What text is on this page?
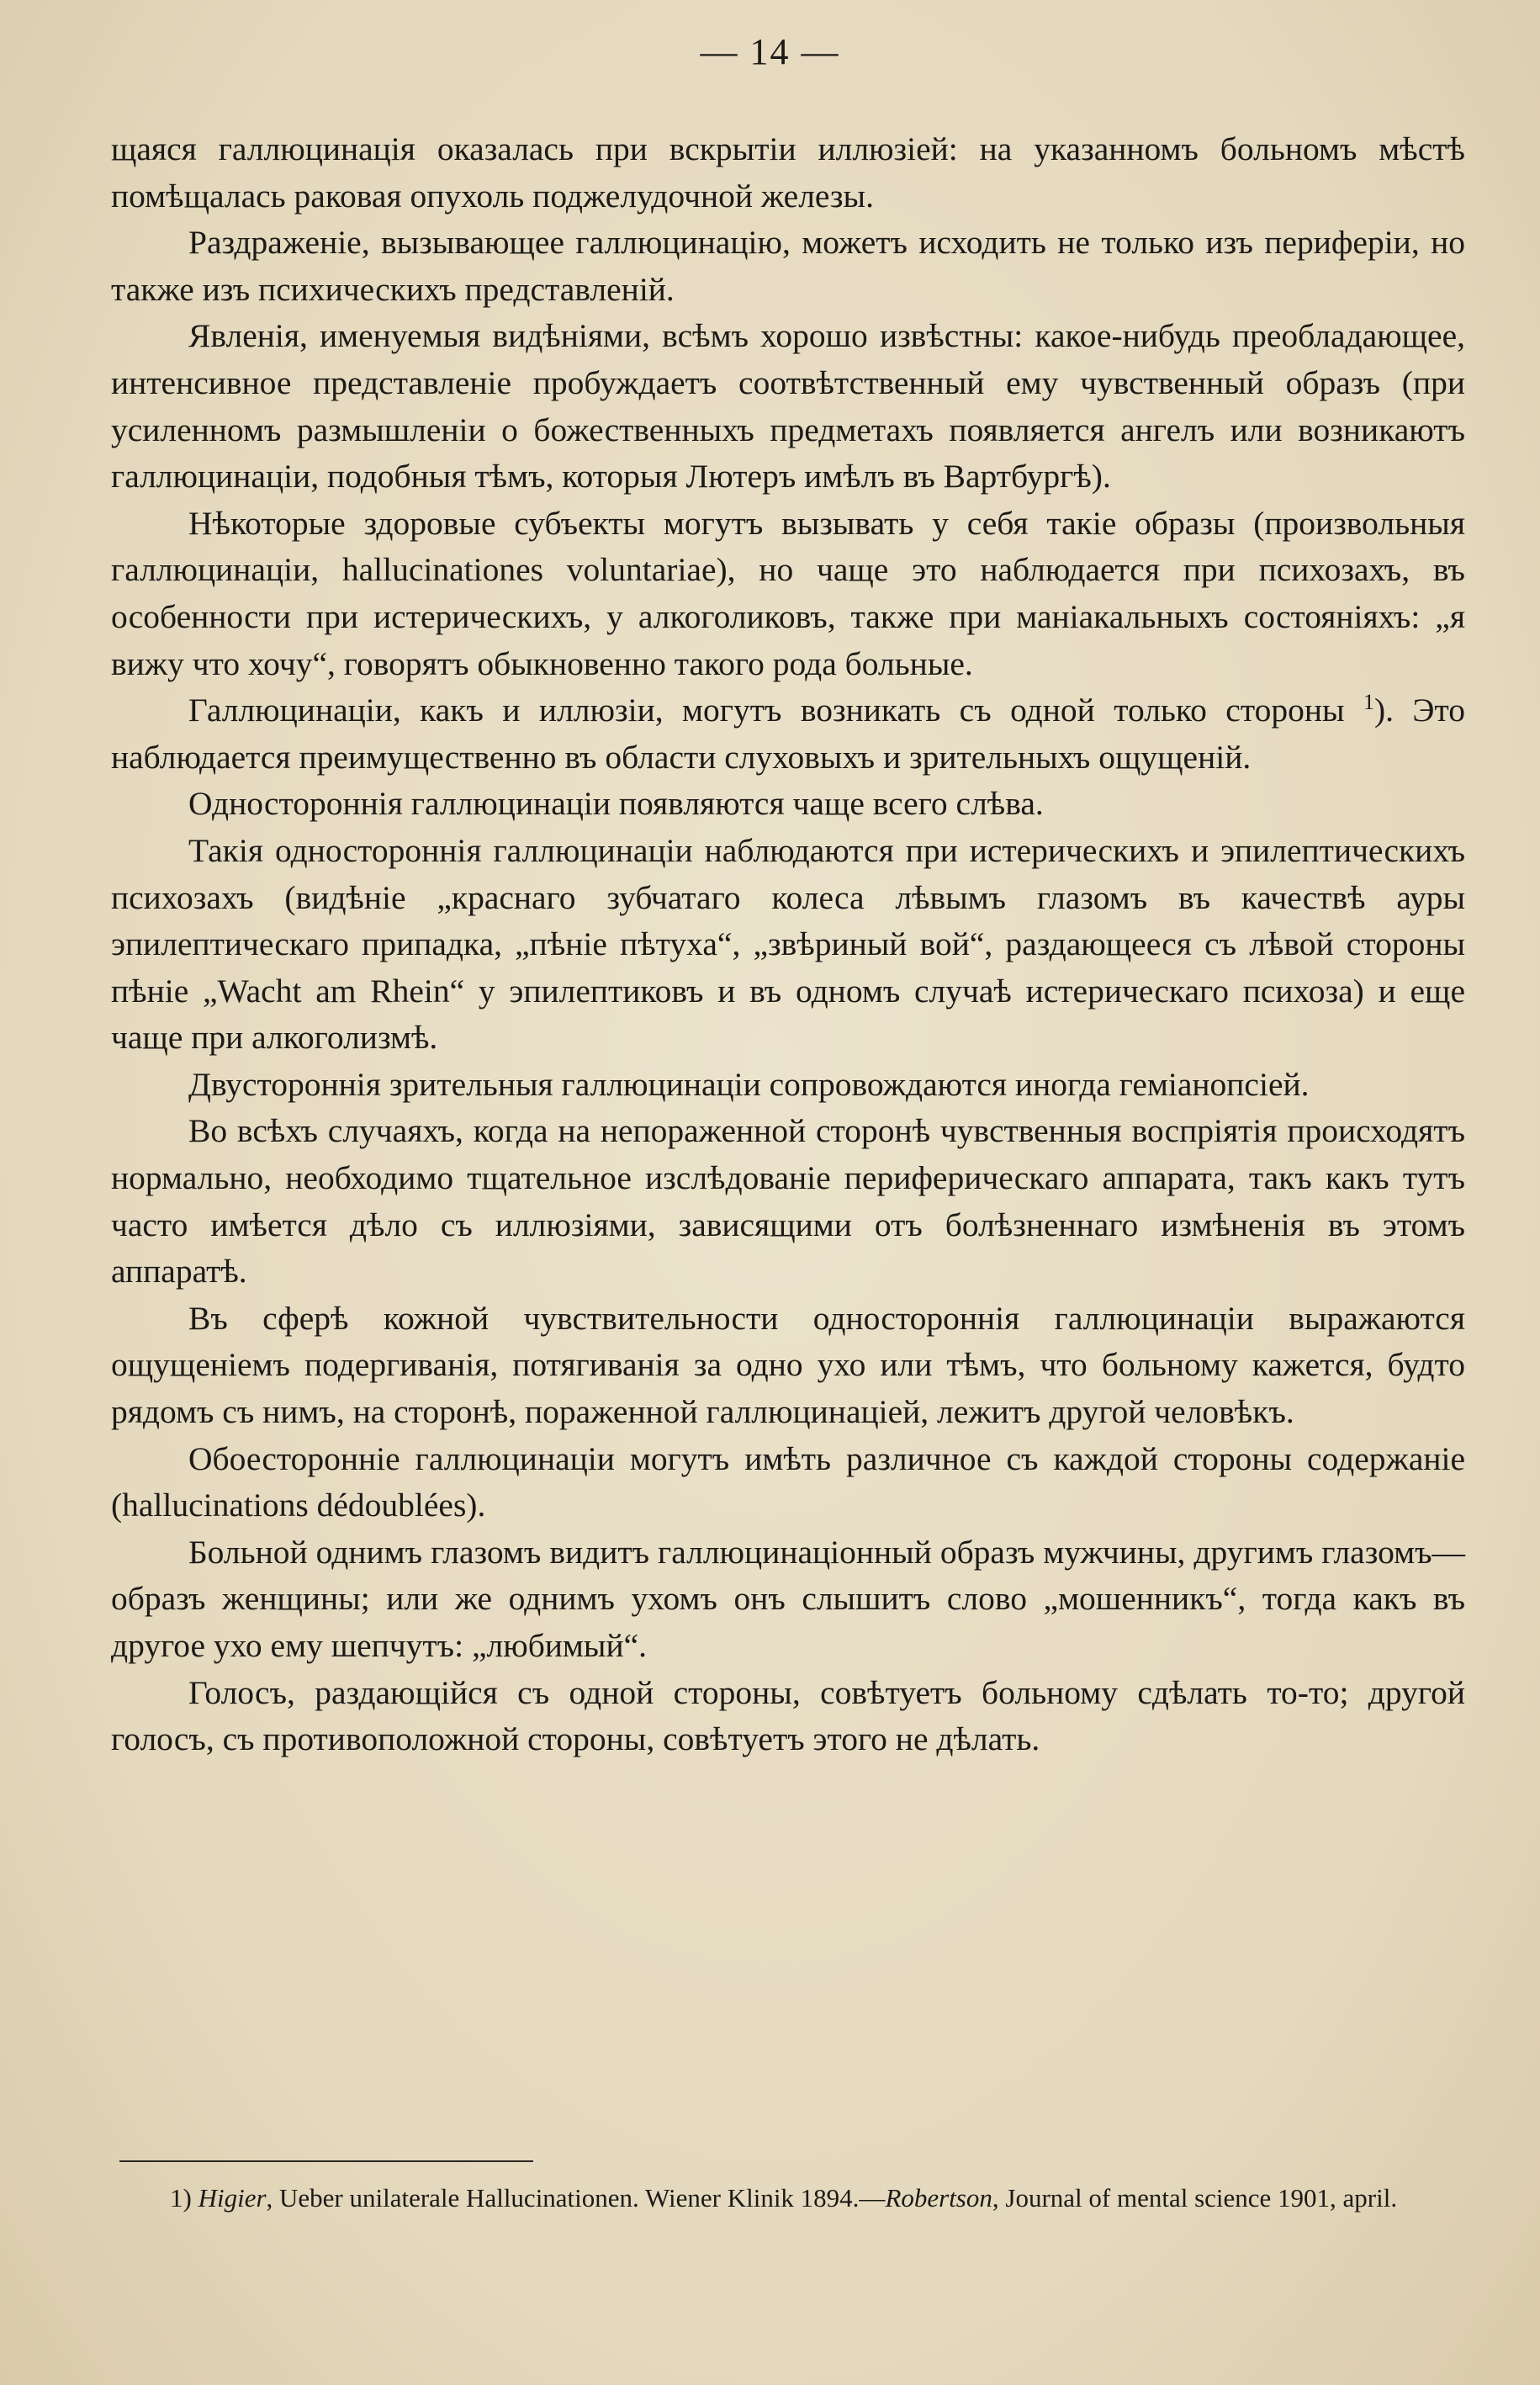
— 14 —

щаяся галлюцинація оказалась при вскрытіи иллюзіей: на указанномъ больномъ мѣстѣ помѣщалась раковая опухоль поджелудочной железы.

Раздраженіе, вызывающее галлюцинацію, можетъ исходить не только изъ периферіи, но также изъ психическихъ представленій.

Явленія, именуемыя видѣніями, всѣмъ хорошо извѣстны: какое-нибудь преобладающее, интенсивное представленіе пробуждаетъ соотвѣтственный ему чувственный образъ (при усиленномъ размышленіи о божественныхъ предметахъ появляется ангелъ или возникаютъ галлюцинаціи, подобныя тѣмъ, которыя Лютеръ имѣлъ въ Вартбургѣ).

Нѣкоторые здоровые субъекты могутъ вызывать у себя такіе образы (произвольныя галлюцинаціи, hallucinationes voluntariae), но чаще это наблюдается при психозахъ, въ особенности при истерическихъ, у алкоголиковъ, также при маніакальныхъ состояніяхъ: „я вижу что хочу“, говорятъ обыкновенно такого рода больные.

Галлюцинаціи, какъ и иллюзіи, могутъ возникать съ одной только стороны $^1$). Это наблюдается преимущественно въ области слуховыхъ и зрительныхъ ощущеній.

Одностороннія галлюцинаціи появляются чаще всего слѣва.

Такія одностороннія галлюцинаціи наблюдаются при истерическихъ и эпилептическихъ психозахъ (видѣніе „краснаго зубчатаго колеса лѣвымъ глазомъ въ качествѣ ауры эпилептическаго припадка, „пѣніе пѣтуха“, „звѣриный вой“, раздающееся съ лѣвой стороны пѣніе „Wacht am Rhein“ у эпилептиковъ и въ одномъ случаѣ истерическаго психоза) и еще чаще при алкоголизмѣ.

Двустороннія зрительныя галлюцинаціи сопровождаются иногда геміанопсіей.

Во всѣхъ случаяхъ, когда на непораженной сторонѣ чувственныя воспріятія происходятъ нормально, необходимо тщательное изслѣдованіе периферическаго аппарата, такъ какъ тутъ часто имѣется дѣло съ иллюзіями, зависящими отъ болѣзненнаго измѣненія въ этомъ аппаратѣ.

Въ сферѣ кожной чувствительности одностороннія галлюцинаціи выражаются ощущеніемъ подергиванія, потягиванія за одно ухо или тѣмъ, что больному кажется, будто рядомъ съ нимъ, на сторонѣ, пораженной галлюцинаціей, лежитъ другой человѣкъ.

Обоесторонніе галлюцинаціи могутъ имѣть различное съ каждой стороны содержаніе (hallucinations dédoublées).

Больной однимъ глазомъ видитъ галлюцинаціонный образъ мужчины, другимъ глазомъ—образъ женщины; или же однимъ ухомъ онъ слышитъ слово „мошенникъ“, тогда какъ въ другое ухо ему шепчутъ: „любимый“.

Голосъ, раздающійся съ одной стороны, совѣтуетъ больному сдѣлать то-то; другой голосъ, съ противоположной стороны, совѣтуетъ этого не дѣлать.

1) Higier, Ueber unilaterale Hallucinationen. Wiener Klinik 1894.—Robertson, Journal of mental science 1901, april.
